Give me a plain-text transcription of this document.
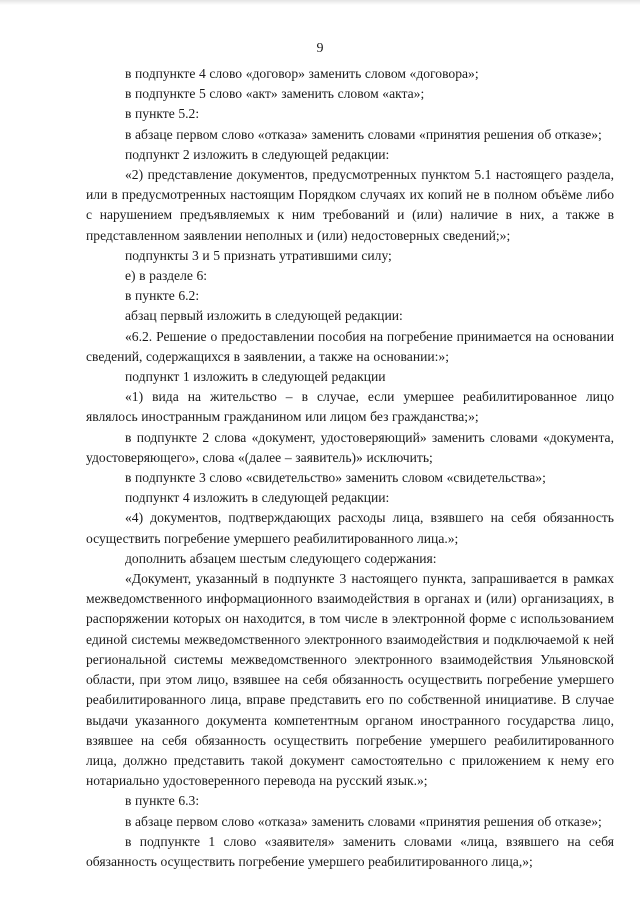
9

в подпункте 4 слово «договор» заменить словом «договора»;

в подпункте 5 слово «акт» заменить словом «акта»;

в пункте 5.2:

в абзаце первом слово «отказа» заменить словами «принятия решения об отказе»;

подпункт 2 изложить в следующей редакции:

«2) представление документов, предусмотренных пунктом 5.1 настоящего раздела, или в предусмотренных настоящим Порядком случаях их копий не в полном объёме либо с нарушением предъявляемых к ним требований и (или) наличие в них, а также в представленном заявлении неполных и (или) недостоверных сведений;»;

подпункты 3 и 5 признать утратившими силу;

е) в разделе 6:

в пункте 6.2:

абзац первый изложить в следующей редакции:

«6.2. Решение о предоставлении пособия на погребение принимается на основании сведений, содержащихся в заявлении, а также на основании:»;

подпункт 1 изложить в следующей редакции

«1) вида на жительство – в случае, если умершее реабилитированное лицо являлось иностранным гражданином или лицом без гражданства;»;

в подпункте 2 слова «документ, удостоверяющий» заменить словами «документа, удостоверяющего», слова «(далее – заявитель)» исключить;

в подпункте 3 слово «свидетельство» заменить словом «свидетельства»;

подпункт 4 изложить в следующей редакции:

«4) документов, подтверждающих расходы лица, взявшего на себя обязанность осуществить погребение умершего реабилитированного лица.»;

дополнить абзацем шестым следующего содержания:

«Документ, указанный в подпункте 3 настоящего пункта, запрашивается в рамках межведомственного информационного взаимодействия в органах и (или) организациях, в распоряжении которых он находится, в том числе в электронной форме с использованием единой системы межведомственного электронного взаимодействия и подключаемой к ней региональной системы межведомственного электронного взаимодействия Ульяновской области, при этом лицо, взявшее на себя обязанность осуществить погребение умершего реабилитированного лица, вправе представить его по собственной инициативе. В случае выдачи указанного документа компетентным органом иностранного государства лицо, взявшее на себя обязанность осуществить погребение умершего реабилитированного лица, должно представить такой документ самостоятельно с приложением к нему его нотариально удостоверенного перевода на русский язык.»;

в пункте 6.3:

в абзаце первом слово «отказа» заменить словами «принятия решения об отказе»;

в подпункте 1 слово «заявителя» заменить словами «лица, взявшего на себя обязанность осуществить погребение умершего реабилитированного лица,»;
